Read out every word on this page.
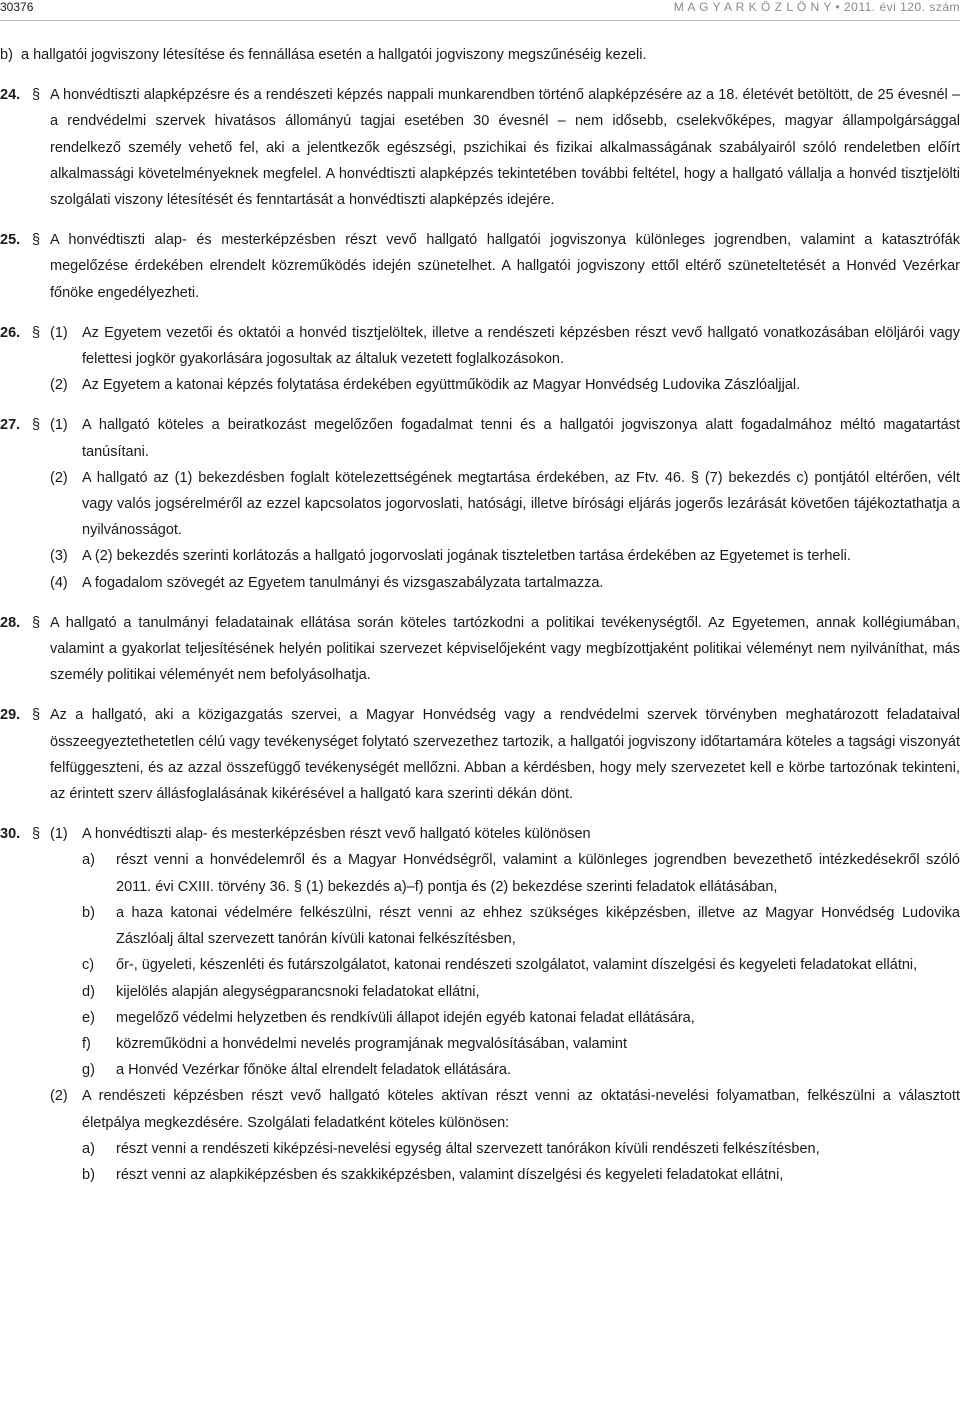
30376	M A G Y A R K Ö Z L Ö N Y • 2011. évi 120. szám
b) a hallgatói jogviszony létesítése és fennállása esetén a hallgatói jogviszony megszűnéséig kezeli.
24. § A honvédtiszti alapképzésre és a rendészeti képzés nappali munkarendben történő alapképzésére az a 18. életévét betöltött, de 25 évesnél – a rendvédelmi szervek hivatásos állományú tagjai esetében 30 évesnél – nem idősebb, cselekvőképes, magyar állampolgársággal rendelkező személy vehető fel, aki a jelentkezők egészségi, pszichikai és fizikai alkalmasságának szabályairól szóló rendeletben előírt alkalmassági követelményeknek megfelel. A honvédtiszti alapképzés tekintetében további feltétel, hogy a hallgató vállalja a honvéd tisztjelölti szolgálati viszony létesítését és fenntartását a honvédtiszti alapképzés idejére.
25. § A honvédtiszti alap- és mesterképzésben részt vevő hallgató hallgatói jogviszonya különleges jogrendben, valamint a katasztrófák megelőzése érdekében elrendelt közreműködés idején szünetelhet. A hallgatói jogviszony ettől eltérő szüneteltetését a Honvéd Vezérkar főnöke engedélyezheti.
26. § (1) Az Egyetem vezetői és oktatói a honvéd tisztjelöltek, illetve a rendészeti képzésben részt vevő hallgató vonatkozásában elöljárói vagy felettesi jogkör gyakorlására jogosultak az általuk vezetett foglalkozásokon.
(2) Az Egyetem a katonai képzés folytatása érdekében együttműködik az Magyar Honvédség Ludovika Zászlóaljjal.
27. § (1) A hallgató köteles a beiratkozást megelőzően fogadalmat tenni és a hallgatói jogviszonya alatt fogadalmához méltó magatartást tanúsítani.
(2) A hallgató az (1) bekezdésben foglalt kötelezettségének megtartása érdekében, az Ftv. 46. § (7) bekezdés c) pontjától eltérően, vélt vagy valós jogsérelméről az ezzel kapcsolatos jogorvoslati, hatósági, illetve bírósági eljárás jogerős lezárását követően tájékoztathatja a nyilvánosságot.
(3) A (2) bekezdés szerinti korlátozás a hallgató jogorvoslati jogának tiszteletben tartása érdekében az Egyetemet is terheli.
(4) A fogadalom szövegét az Egyetem tanulmányi és vizsgaszabályzata tartalmazza.
28. § A hallgató a tanulmányi feladatainak ellátása során köteles tartózkodni a politikai tevékenységtől. Az Egyetemen, annak kollégiumában, valamint a gyakorlat teljesítésének helyén politikai szervezet képviselőjeként vagy megbízottjaként politikai véleményt nem nyilváníthat, más személy politikai véleményét nem befolyásolhatja.
29. § Az a hallgató, aki a közigazgatás szervei, a Magyar Honvédség vagy a rendvédelmi szervek törvényben meghatározott feladataival összeegyeztethetetlen célú vagy tevékenységet folytató szervezethez tartozik, a hallgatói jogviszony időtartamára köteles a tagsági viszonyát felfüggeszteni, és az azzal összefüggő tevékenységét mellőzni. Abban a kérdésben, hogy mely szervezetet kell e körbe tartozónak tekinteni, az érintett szerv állásfoglalásának kikérésével a hallgató kara szerinti dékán dönt.
30. § (1) A honvédtiszti alap- és mesterképzésben részt vevő hallgató köteles különösen
a)	részt venni a honvédelemről és a Magyar Honvédségről, valamint a különleges jogrendben bevezethető intézkedésekről szóló 2011. évi CXIII. törvény 36. § (1) bekezdés a)–f) pontja és (2) bekezdése szerinti feladatok ellátásában,
b)	a haza katonai védelmére felkészülni, részt venni az ehhez szükséges kiképzésben, illetve az Magyar Honvédség Ludovika Zászlóalj által szervezett tanórán kívüli katonai felkészítésben,
c)	őr-, ügyeleti, készenléti és futárszolgálatot, katonai rendészeti szolgálatot, valamint díszelgési és kegyeleti feladatokat ellátni,
d)	kijelölés alapján alegységparancsnoki feladatokat ellátni,
e)	megelőző védelmi helyzetben és rendkívüli állapot idején egyéb katonai feladat ellátására,
f)	közreműködni a honvédelmi nevelés programjának megvalósításában, valamint
g)	a Honvéd Vezérkar főnöke által elrendelt feladatok ellátására.
(2) A rendészeti képzésben részt vevő hallgató köteles aktívan részt venni az oktatási-nevelési folyamatban, felkészülni a választott életpálya megkezdésére. Szolgálati feladatként köteles különösen:
a)	részt venni a rendészeti kiképzési-nevelési egység által szervezett tanórákon kívüli rendészeti felkészítésben,
b)	részt venni az alapkiképzésben és szakkiképzésben, valamint díszelgési és kegyeleti feladatokat ellátni,
